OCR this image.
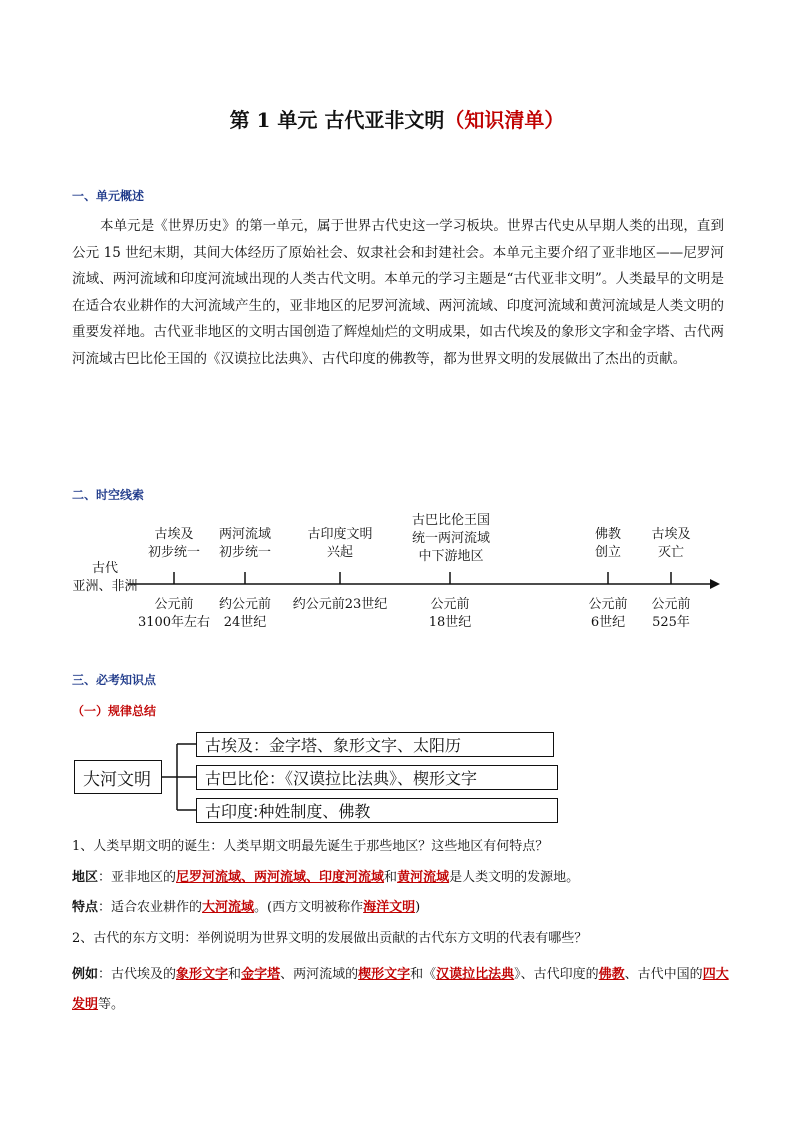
第 1 单元 古代亚非文明（知识清单）
一、单元概述
本单元是《世界历史》的第一单元，属于世界古代史这一学习板块。世界古代史从早期人类的出现，直到公元 15 世纪末期，其间大体经历了原始社会、奴隶社会和封建社会。本单元主要介绍了亚非地区——尼罗河流域、两河流域和印度河流域出现的人类古代文明。本单元的学习主题是“古代亚非文明”。人类最早的文明是在适合农业耕作的大河流域产生的，亚非地区的尼罗河流域、两河流域、印度河流域和黄河流域是人类文明的重要发祥地。古代亚非地区的文明古国创造了辉煌灿烂的文明成果，如古代埃及的象形文字和金字塔、古代两河流域古巴比伦王国的《汉谟拉比法典》、古代印度的佛教等，都为世界文明的发展做出了杰出的贡献。
二、时空线索
古代
亚洲、非洲
古埃及
初步统一
公元前
3100年左右
两河流域
初步统一
约公元前
24世纪
古印度文明
兴起
约公元前23世纪
古巴比伦王国
统一两河流域
中下游地区
公元前
18世纪
佛教
创立
公元前
6世纪
古埃及
灭亡
公元前
525年
三、必考知识点
（一）规律总结
大河文明
古埃及：金字塔、象形文字、太阳历
古巴比伦：《汉谟拉比法典》、楔形文字
古印度:种姓制度、佛教
1、人类早期文明的诞生：人类早期文明最先诞生于那些地区？这些地区有何特点？
地区：亚非地区的尼罗河流域、两河流域、印度河流域和黄河流域是人类文明的发源地。
特点：适合农业耕作的大河流域。(西方文明被称作海洋文明)
2、古代的东方文明：举例说明为世界文明的发展做出贡献的古代东方文明的代表有哪些？
例如：古代埃及的象形文字和金字塔、两河流域的楔形文字和《汉谟拉比法典》、古代印度的佛教、古代中国的四大发明等。
